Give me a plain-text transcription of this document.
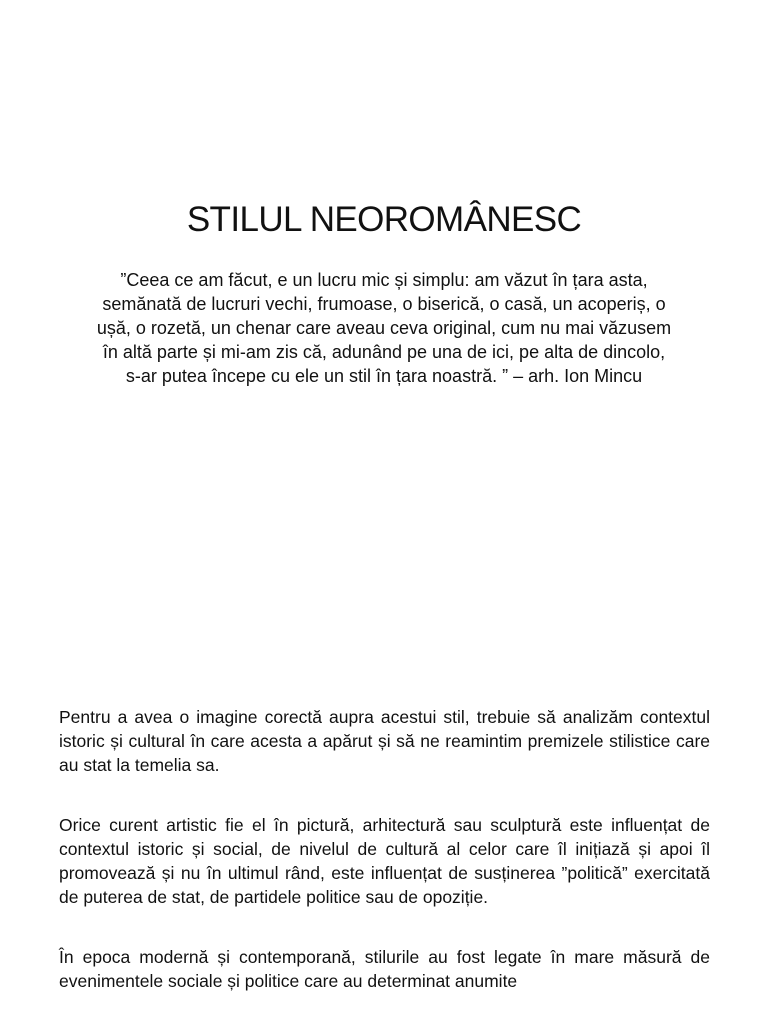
STILUL NEOROMÂNESC

”Ceea ce am făcut, e un lucru mic și simplu: am văzut în țara asta, semănată de lucruri vechi, frumoase, o biserică, o casă, un acoperiș, o ușă, o rozetă, un chenar care aveau ceva original, cum nu mai văzusem în altă parte și mi-am zis că, adunând pe una de ici, pe alta de dincolo, s-ar putea începe cu ele un stil în țara noastră. ” – arh. Ion Mincu

Pentru a avea o imagine corectă aupra acestui stil, trebuie să analizăm contextul istoric și cultural în care acesta a apărut și să ne reamintim premizele stilistice care au stat la temelia sa.

Orice curent artistic fie el în pictură, arhitectură sau sculptură este influențat de contextul istoric și social, de nivelul de cultură al celor care îl inițiază și apoi îl promovează și nu în ultimul rând, este influențat de susținerea ”politică” exercitată de puterea de stat, de partidele politice sau de opoziție.

În epoca modernă și contemporană, stilurile au fost legate în mare măsură de evenimentele sociale și politice care au determinat anumite
